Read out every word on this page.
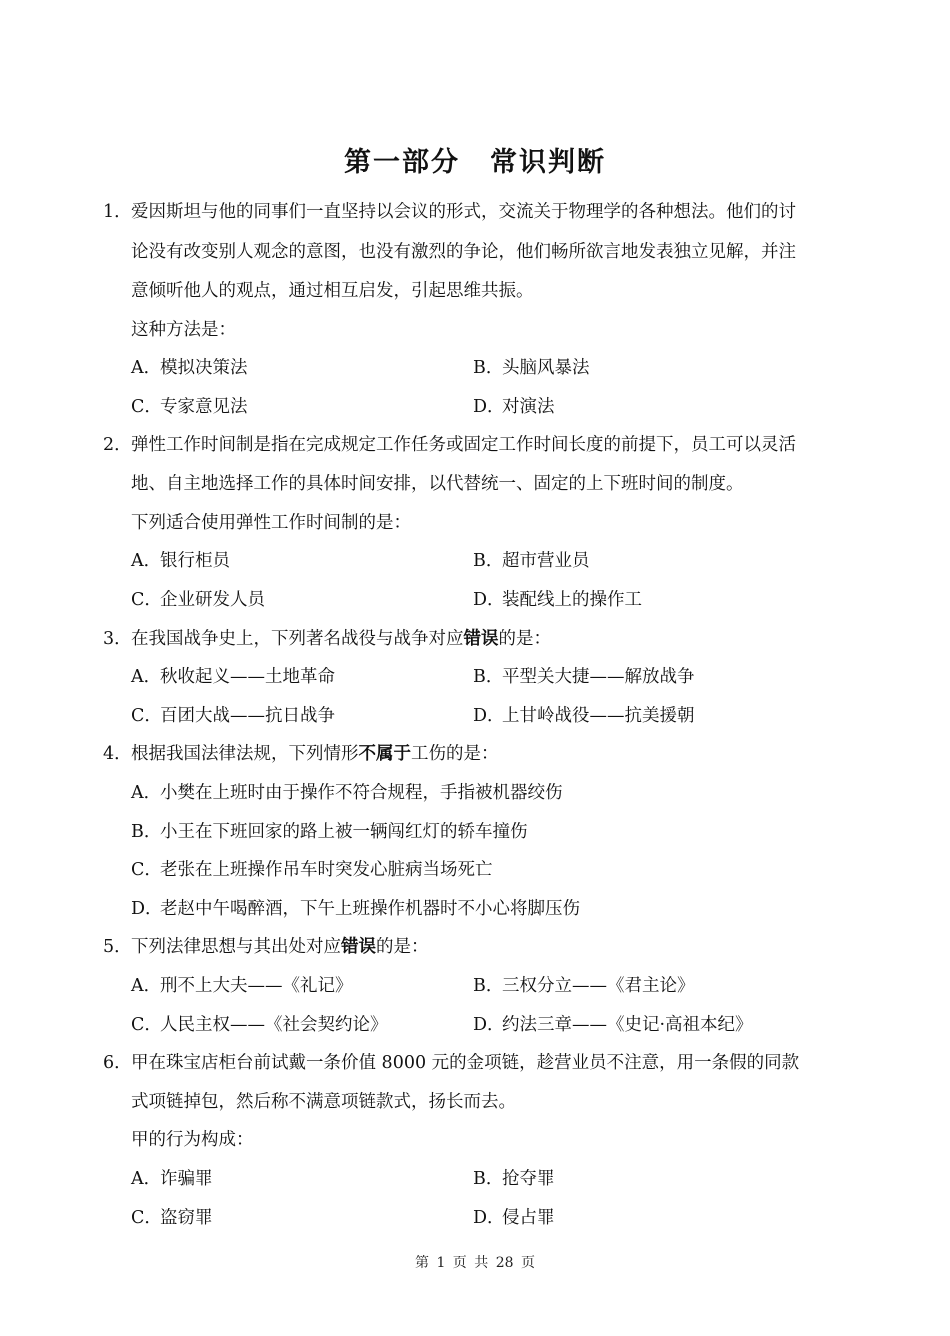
第一部分 常识判断
1． 爱因斯坦与他的同事们一直坚持以会议的形式，交流关于物理学的各种想法。他们的讨
论没有改变别人观念的意图，也没有激烈的争论，他们畅所欲言地发表独立见解，并注
意倾听他人的观点，通过相互启发，引起思维共振。
这种方法是：
A．模拟决策法	B．头脑风暴法
C．专家意见法	D．对演法
2． 弹性工作时间制是指在完成规定工作任务或固定工作时间长度的前提下，员工可以灵活
地、自主地选择工作的具体时间安排，以代替统一、固定的上下班时间的制度。
下列适合使用弹性工作时间制的是：
A．银行柜员	B．超市营业员
C．企业研发人员	D．装配线上的操作工
3． 在我国战争史上，下列著名战役与战争对应错误的是：
A．秋收起义——土地革命	B．平型关大捷——解放战争
C．百团大战——抗日战争	D．上甘岭战役——抗美援朝
4． 根据我国法律法规，下列情形不属于工伤的是：
A．小樊在上班时由于操作不符合规程，手指被机器绞伤
B．小王在下班回家的路上被一辆闯红灯的轿车撞伤
C．老张在上班操作吊车时突发心脏病当场死亡
D．老赵中午喝醉酒，下午上班操作机器时不小心将脚压伤
5． 下列法律思想与其出处对应错误的是：
A．刑不上大夫——《礼记》	B．三权分立——《君主论》
C．人民主权——《社会契约论》	D．约法三章——《史记·高祖本纪》
6． 甲在珠宝店柜台前试戴一条价值 8000 元的金项链，趁营业员不注意，用一条假的同款
式项链掉包，然后称不满意项链款式，扬长而去。
甲的行为构成：
A．诈骗罪	B．抢夺罪
C．盗窃罪	D．侵占罪
第 1 页 共 28 页
